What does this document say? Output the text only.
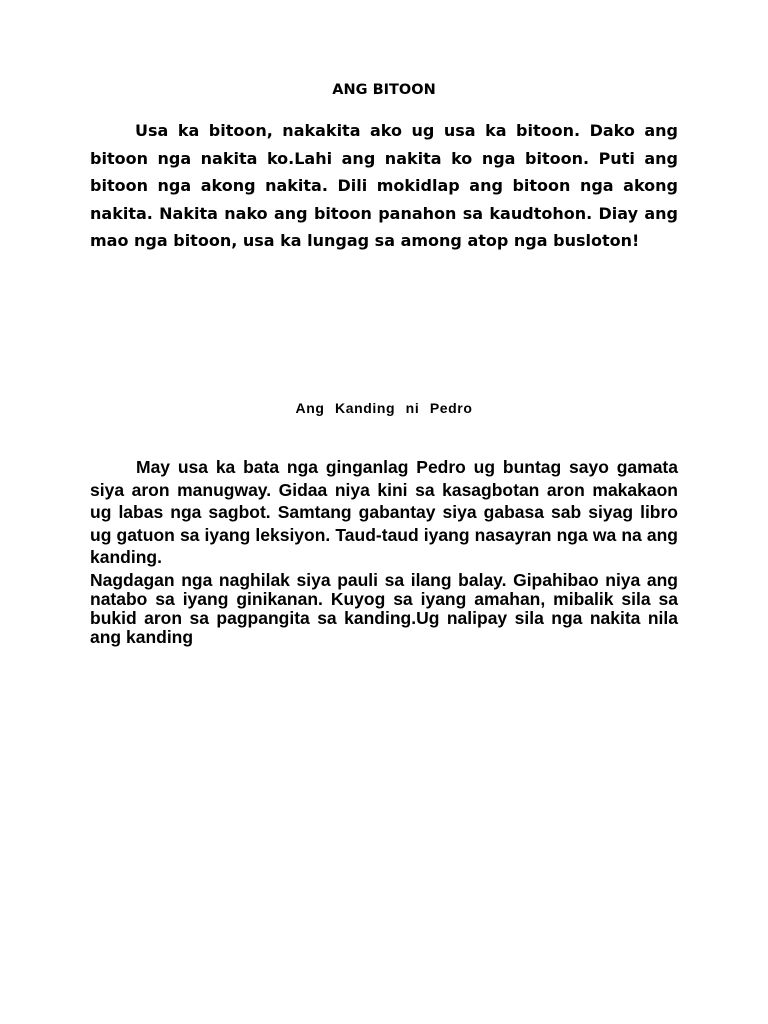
ANG BITOON

Usa ka bitoon, nakakita ako ug usa ka bitoon. Dako ang bitoon nga nakita ko.Lahi ang nakita ko nga bitoon. Puti ang bitoon nga akong nakita. Dili mokidlap ang bitoon nga akong nakita. Nakita nako ang bitoon panahon sa kaudtohon. Diay ang mao nga bitoon, usa ka lungag sa among atop nga busloton!

Ang Kanding ni Pedro

May usa ka bata nga ginganlag Pedro ug buntag sayo gamata siya aron manugway. Gidaa niya kini sa kasagbotan aron makakaon ug labas nga sagbot. Samtang gabantay siya gabasa sab siyag libro ug gatuon sa iyang leksiyon. Taud-taud iyang nasayran nga wa na ang kanding.

Nagdagan nga naghilak siya pauli sa ilang balay. Gipahibao niya ang natabo sa iyang ginikanan. Kuyog sa iyang amahan, mibalik sila sa bukid aron sa pagpangita sa kanding.Ug nalipay sila nga nakita nila ang kanding
